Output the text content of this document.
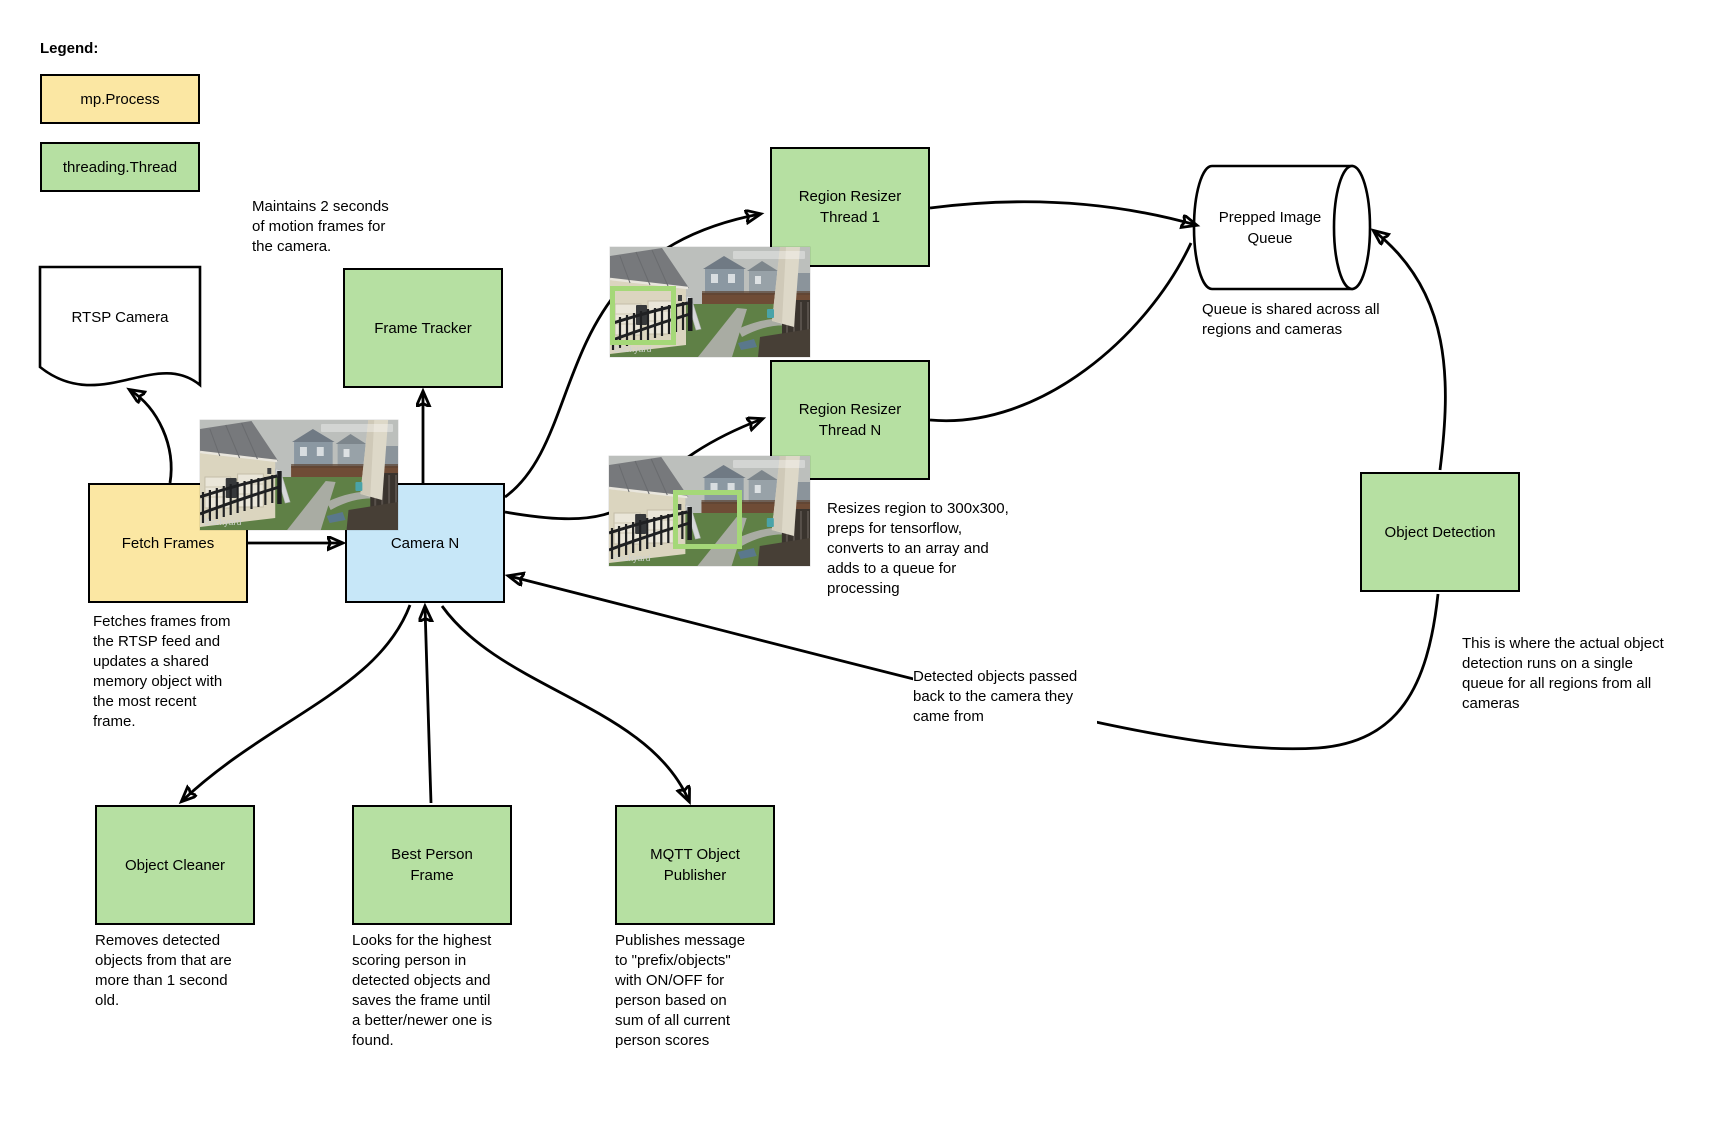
Legend:
mp.Process
threading.Thread
RTSP Camera
Prepped Image Queue
Frame Tracker
Fetch Frames	Camera N
Region Resizer Thread 1
Region Resizer Thread N
Object Detection
Object Cleaner
Best Person Frame
MQTT Object Publisher
Maintains 2 seconds of motion frames for the camera.
Fetches frames from the RTSP feed and updates a shared memory object with the most recent frame.
Resizes region to 300x300, preps for tensorflow, converts to an array and adds to a queue for processing
Queue is shared across all regions and cameras
This is where the actual object detection runs on a single queue for all regions from all cameras
Detected objects passed back to the camera they came from
Removes detected objects from that are more than 1 second old.
Looks for the highest scoring person in detected objects and saves the frame until a better/newer one is found.
Publishes message to "prefix/objects" with ON/OFF for person based on sum of all current person scores
Backyard
Backyard
Backyard
